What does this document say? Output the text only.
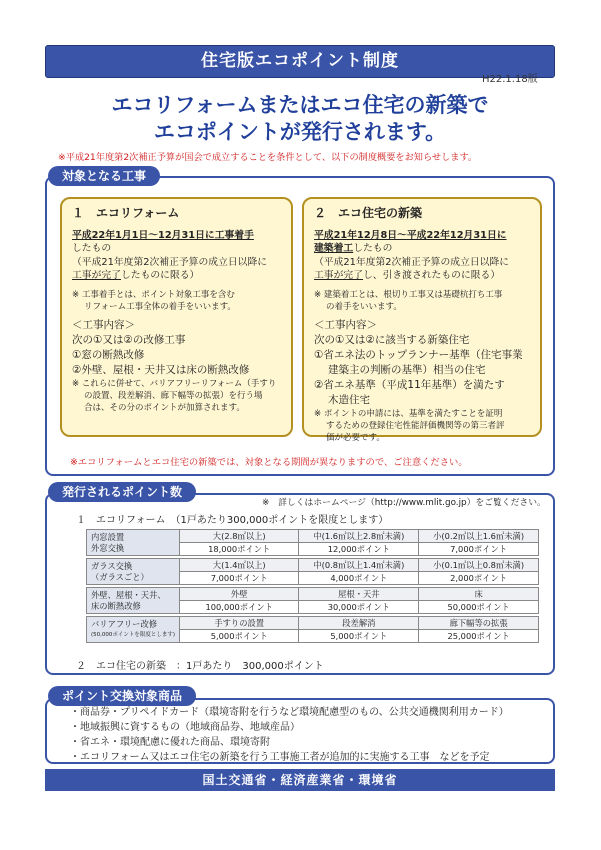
住宅版エコポイント制度
H22.1.18版
エコリフォームまたはエコ住宅の新築で
エコポイントが発行されます。
※平成21年度第2次補正予算が国会で成立することを条件として、以下の制度概要をお知らせします。
対象となる工事
１　エコリフォーム
平成22年1月1日～12月31日に工事着手
したもの
（平成21年度第2次補正予算の成立日以降に
工事が完了したものに限る）
※ 工事着手とは、ポイント対象工事を含む
リフォーム工事全体の着手をいいます。
＜工事内容＞
次の①又は②の改修工事
①窓の断熱改修
②外壁、屋根・天井又は床の断熱改修
※ これらに併せて、バリアフリーリフォーム（手すり
の設置、段差解消、廊下幅等の拡張）を行う場
合は、その分のポイントが加算されます。
２　エコ住宅の新築
平成21年12月8日～平成22年12月31日に
建築着工したもの
（平成21年度第2次補正予算の成立日以降に
工事が完了し、引き渡されたものに限る）
※ 建築着工とは、根切り工事又は基礎杭打ち工事
の着手をいいます。
＜工事内容＞
次の①又は②に該当する新築住宅
①省エネ法のトップランナー基準（住宅事業
建築主の判断の基準）相当の住宅
②省エネ基準（平成11年基準）を満たす
木造住宅
※ ポイントの申請には、基準を満たすことを証明
するための登録住宅性能評価機関等の第三者評
価が必要です。
※エコリフォームとエコ住宅の新築では、対象となる期間が異なりますので、ご注意ください。
発行されるポイント数
※　詳しくはホームページ（http://www.mlit.go.jp）をご覧ください。
１　エコリフォーム　（1戸あたり300,000ポイントを限度とします）
内窓設置
外窓交換	大(2.8㎡以上)	中(1.6㎡以上2.8㎡未満)	小(0.2㎡以上1.6㎡未満)
	18,000ポイント	12,000ポイント	7,000ポイント

ガラス交換
（ガラスごと）	大(1.4㎡以上)	中(0.8㎡以上1.4㎡未満)	小(0.1㎡以上0.8㎡未満)
	7,000ポイント	4,000ポイント	2,000ポイント

外壁、屋根・天井、
床の断熱改修	外壁	屋根・天井	床
	100,000ポイント	30,000ポイント	50,000ポイント

バリアフリー改修
(50,000ポイントを限度とします)	手すりの設置	段差解消	廊下幅等の拡張
	5,000ポイント	5,000ポイント	25,000ポイント
２　エコ住宅の新築　：1戸あたり　300,000ポイント
ポイント交換対象商品
・商品券・プリペイドカード（環境寄附を行うなど環境配慮型のもの、公共交通機関利用カード）
・地域振興に資するもの（地域商品券、地域産品）
・省エネ・環境配慮に優れた商品、環境寄附
・エコリフォーム又はエコ住宅の新築を行う工事施工者が追加的に実施する工事　などを予定
国土交通省・経済産業省・環境省
